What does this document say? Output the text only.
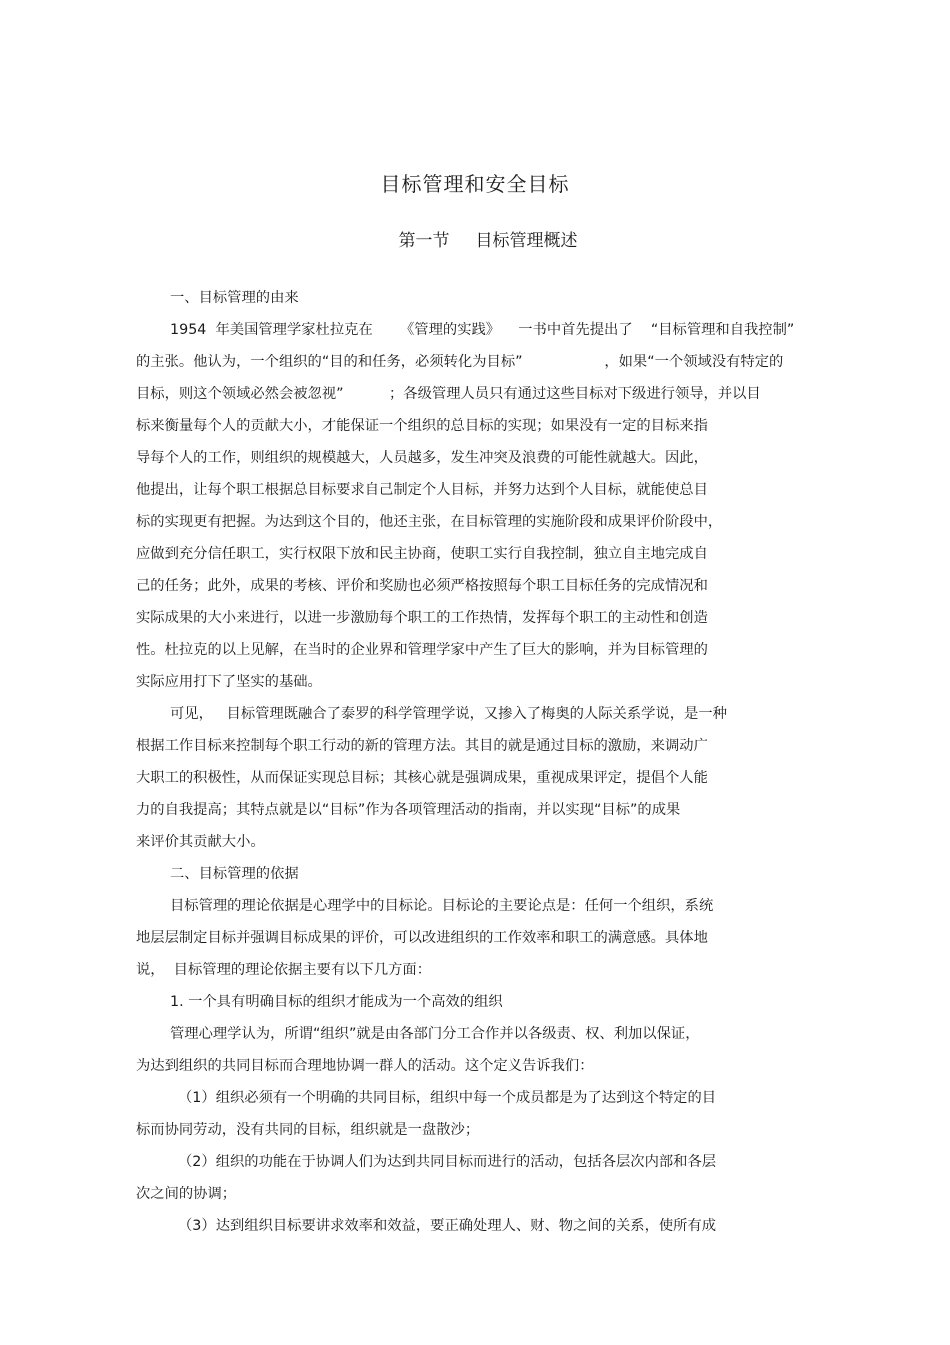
目标管理和安全目标
第一节 目标管理概述
一、目标管理的由来
1954  年美国管理学家杜拉克在      《管理的实践》    一书中首先提出了    “目标管理和自我控制”
的主张。他认为，一个组织的“目的和任务，必须转化为目标”                  ，如果“一个领域没有特定的
目标，则这个领域必然会被忽视”          ；各级管理人员只有通过这些目标对下级进行领导，并以目
标来衡量每个人的贡献大小，才能保证一个组织的总目标的实现；如果没有一定的目标来指
导每个人的工作，则组织的规模越大，人员越多，发生冲突及浪费的可能性就越大。因此，
他提出，让每个职工根据总目标要求自己制定个人目标，并努力达到个人目标，就能使总目
标的实现更有把握。为达到这个目的，他还主张，在目标管理的实施阶段和成果评价阶段中，
应做到充分信任职工，实行权限下放和民主协商，使职工实行自我控制，独立自主地完成自
己的任务；此外，成果的考核、评价和奖励也必须严格按照每个职工目标任务的完成情况和
实际成果的大小来进行，以进一步激励每个职工的工作热情，发挥每个职工的主动性和创造
性。杜拉克的以上见解，在当时的企业界和管理学家中产生了巨大的影响，并为目标管理的
实际应用打下了坚实的基础。
可见，   目标管理既融合了泰罗的科学管理学说，又掺入了梅奥的人际关系学说，是一种
根据工作目标来控制每个职工行动的新的管理方法。其目的就是通过目标的激励，来调动广
大职工的积极性，从而保证实现总目标；其核心就是强调成果，重视成果评定，提倡个人能
力的自我提高；其特点就是以“目标”作为各项管理活动的指南，并以实现“目标”的成果
来评价其贡献大小。
二、目标管理的依据
目标管理的理论依据是心理学中的目标论。目标论的主要论点是：任何一个组织，系统
地层层制定目标并强调目标成果的评价，可以改进组织的工作效率和职工的满意感。具体地
说，  目标管理的理论依据主要有以下几方面：
1. 一个具有明确目标的组织才能成为一个高效的组织
管理心理学认为，所谓“组织”就是由各部门分工合作并以各级责、权、利加以保证，
为达到组织的共同目标而合理地协调一群人的活动。这个定义告诉我们：
（1）组织必须有一个明确的共同目标，组织中每一个成员都是为了达到这个特定的目
标而协同劳动，没有共同的目标，组织就是一盘散沙；
（2）组织的功能在于协调人们为达到共同目标而进行的活动，包括各层次内部和各层
次之间的协调；
（3）达到组织目标要讲求效率和效益，要正确处理人、财、物之间的关系，使所有成
